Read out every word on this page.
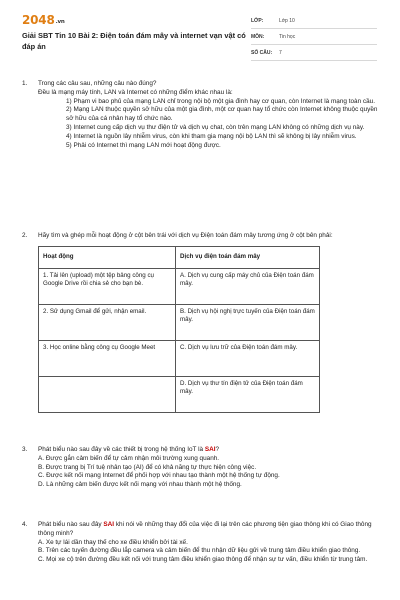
2048.vn
Giải SBT Tin 10 Bài 2: Điện toán đám mây và internet vạn vật có đáp án
LỚP:	Lớp 10
MÔN:	Tin học
SỐ CÂU:	7
1. Trong các câu sau, những câu nào đúng?

Đều là mạng máy tính, LAN và Internet có những điểm khác nhau là:

1) Phạm vi bao phủ của mạng LAN chỉ trong nội bộ một gia đình hay cơ quan, còn Internet là mạng toàn cầu.

2) Mạng LAN thuộc quyền sở hữu của một gia đình, một cơ quan hay tổ chức còn Internet không thuộc quyền sở hữu của cá nhân hay tổ chức nào.

3) Internet cung cấp dịch vụ thư điện tử và dịch vụ chat, còn trên mạng LAN không có những dịch vụ này.

4) Internet là nguồn lây nhiễm virus, còn khi tham gia mạng nội bộ LAN thì sẽ không bị lây nhiễm virus.

5) Phải có Internet thì mạng LAN mới hoạt động được.

2. Hãy tìm và ghép mỗi hoạt động ở cột bên trái với dịch vụ Điện toán đám mây tương ứng ở cột bên phải:

Hoạt động	Dịch vụ điện toán đám mây
1. Tải lên (upload) một tệp bảng công cụ Google Drive rồi chia sẻ cho bạn bè.	A. Dịch vụ cung cấp máy chủ của Điện toán đám mây.
2. Sử dụng Gmail để gửi, nhận email.	B. Dịch vụ hội nghị trực tuyến của Điện toán đám mây.
3. Học online bằng công cụ Google Meet	C. Dịch vụ lưu trữ của Điện toán đám mây.
	D. Dịch vụ thư tín điện tử của Điện toán đám mây.
3. Phát biểu nào sau đây về các thiết bị trong hệ thống IoT là SAI?

A. Được gắn cảm biến để tự cảm nhận môi trường xung quanh.

B. Được trang bị Trí tuệ nhân tạo (AI) để có khả năng tự thực hiện công việc.

C. Được kết nối mạng Internet để phối hợp với nhau tạo thành một hệ thống tự động.

D. Là những cảm biến được kết nối mạng với nhau thành một hệ thống.

4. Phát biểu nào sau đây SAI khi nói về những thay đổi của việc đi lại trên các phương tiện giao thông khi có Giao thông thông minh?

A. Xe tự lái dần thay thế cho xe điều khiển bởi tài xế.

B. Trên các tuyến đường đều lắp camera và cảm biến để thu nhận dữ liệu gửi về trung tâm điều khiển giao thông.

C. Mọi xe cộ trên đường đều kết nối với trung tâm điều khiển giao thông để nhận sự tư vấn, điều khiển từ trung tâm.
